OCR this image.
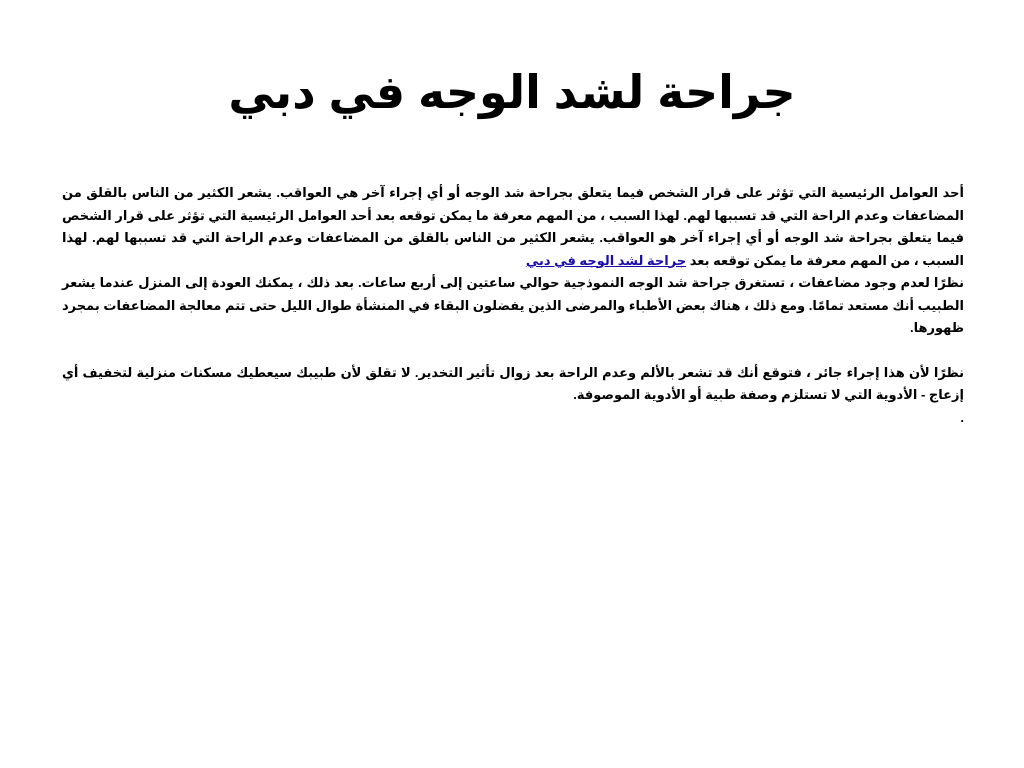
جراحة لشد الوجه في دبي

أحد العوامل الرئيسية التي تؤثر على قرار الشخص فيما يتعلق بجراحة شد الوجه أو أي إجراء آخر هي العواقب. يشعر الكثير من الناس بالقلق من المضاعفات وعدم الراحة التي قد تسببها لهم. لهذا السبب ، من المهم معرفة ما يمكن توقعه بعد أحد العوامل الرئيسية التي تؤثر على قرار الشخص فيما يتعلق بجراحة شد الوجه أو أي إجراء آخر هو العواقب. يشعر الكثير من الناس بالقلق من المضاعفات وعدم الراحة التي قد تسببها لهم. لهذا السبب ، من المهم معرفة ما يمكن توقعه بعد جراحة لشد الوجه في دبي

نظرًا لعدم وجود مضاعفات ، تستغرق جراحة شد الوجه النموذجية حوالي ساعتين إلى أربع ساعات. بعد ذلك ، يمكنك العودة إلى المنزل عندما يشعر الطبيب أنك مستعد تمامًا. ومع ذلك ، هناك بعض الأطباء والمرضى الذين يفضلون البقاء في المنشأة طوال الليل حتى تتم معالجة المضاعفات بمجرد ظهورها.

نظرًا لأن هذا إجراء جائر ، فتوقع أنك قد تشعر بالألم وعدم الراحة بعد زوال تأثير التخدير. لا تقلق لأن طبيبك سيعطيك مسكنات منزلية لتخفيف أي إزعاج - الأدوية التي لا تستلزم وصفة طبية أو الأدوية الموصوفة.

.
